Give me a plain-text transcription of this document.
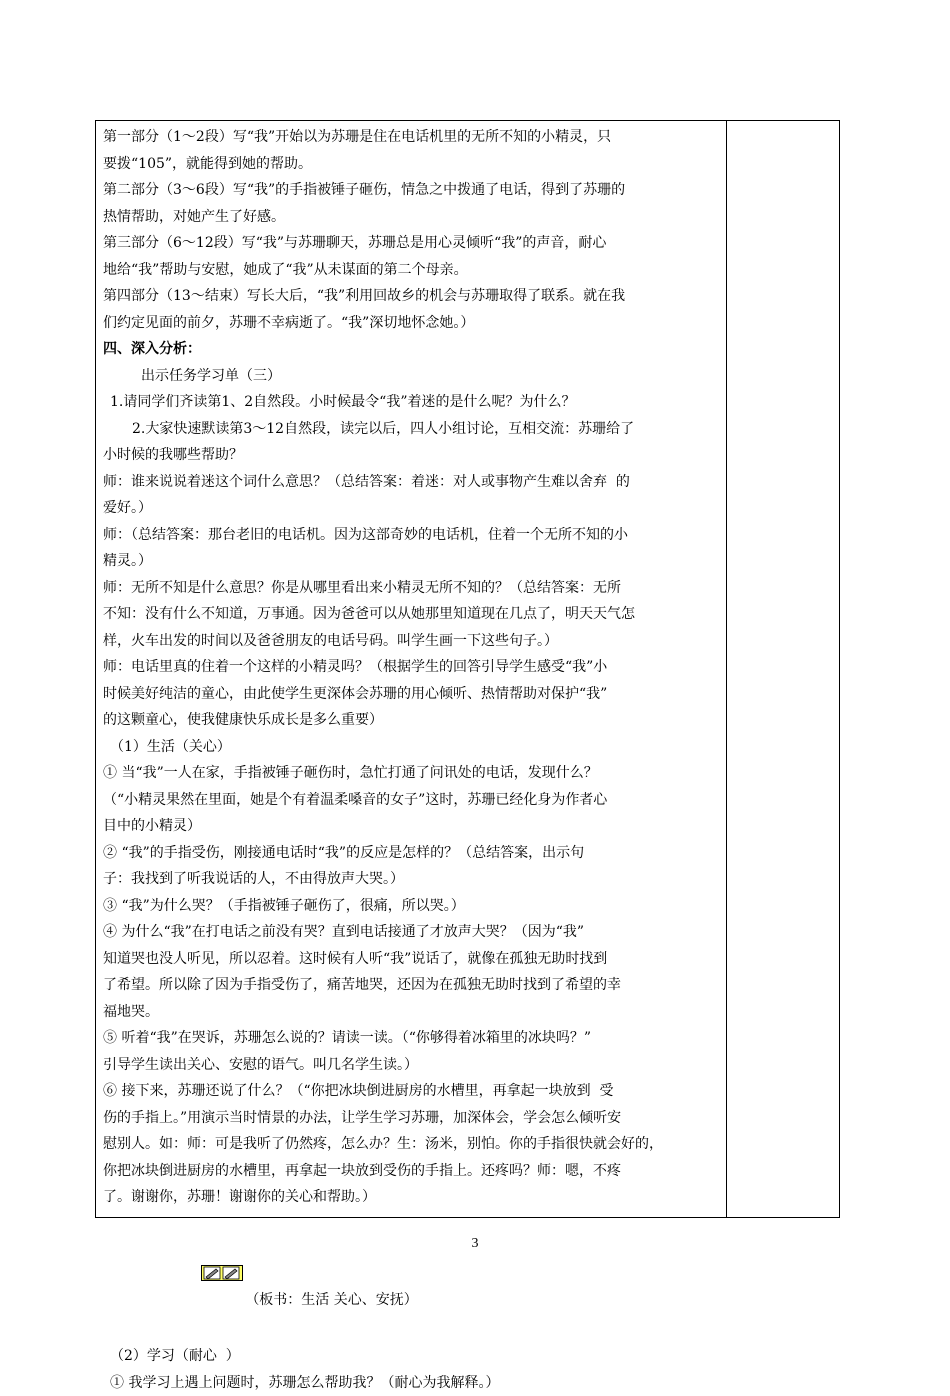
第一部分（1～2段）写“我”开始以为苏珊是住在电话机里的无所不知的小精灵，只

要拨“105”，就能得到她的帮助。

第二部分（3～6段）写“我”的手指被锤子砸伤，情急之中拨通了电话，得到了苏珊的

热情帮助，对她产生了好感。

第三部分（6～12段）写“我”与苏珊聊天，苏珊总是用心灵倾听“我”的声音，耐心

地给“我”帮助与安慰，她成了“我”从未谋面的第二个母亲。

第四部分（13～结束）写长大后，“我”利用回故乡的机会与苏珊取得了联系。就在我

们约定见面的前夕，苏珊不幸病逝了。“我”深切地怀念她。）

四、深入分析：

出示任务学习单（三）

1.请同学们齐读第1、2自然段。小时候最令“我”着迷的是什么呢？为什么？

2.大家快速默读第3～12自然段，读完以后，四人小组讨论，互相交流：苏珊给了

小时候的我哪些帮助？

师：谁来说说着迷这个词什么意思？（总结答案：着迷：对人或事物产生难以舍弃  的

爱好。）

师：（总结答案：那台老旧的电话机。因为这部奇妙的电话机，住着一个无所不知的小

精灵。）

师：无所不知是什么意思？你是从哪里看出来小精灵无所不知的？（总结答案：无所

不知：没有什么不知道，万事通。因为爸爸可以从她那里知道现在几点了，明天天气怎

样，火车出发的时间以及爸爸朋友的电话号码。叫学生画一下这些句子。）

师：电话里真的住着一个这样的小精灵吗？（根据学生的回答引导学生感受“我”小

时候美好纯洁的童心，由此使学生更深体会苏珊的用心倾听、热情帮助对保护“我”

的这颗童心，使我健康快乐成长是多么重要）

（1）生活（关心）

① 当“我”一人在家，手指被锤子砸伤时，急忙打通了问讯处的电话，发现什么？

（“小精灵果然在里面，她是个有着温柔嗓音的女子”这时，苏珊已经化身为作者心

目中的小精灵）

② “我”的手指受伤，刚接通电话时“我”的反应是怎样的？（总结答案，出示句

子：我找到了听我说话的人，不由得放声大哭。）

③ “我”为什么哭？（手指被锤子砸伤了，很痛，所以哭。）

④ 为什么“我”在打电话之前没有哭？直到电话接通了才放声大哭？（因为“我”

知道哭也没人听见，所以忍着。这时候有人听“我”说话了，就像在孤独无助时找到

了希望。所以除了因为手指受伤了，痛苦地哭，还因为在孤独无助时找到了希望的幸

福地哭。

⑤ 听着“我”在哭诉，苏珊怎么说的？请读一读。（“你够得着冰箱里的冰块吗？”

引导学生读出关心、安慰的语气。叫几名学生读。）

⑥ 接下来，苏珊还说了什么？（“你把冰块倒进厨房的水槽里，再拿起一块放到  受

伤的手指上。”用演示当时情景的办法，让学生学习苏珊，加深体会，学会怎么倾听安

慰别人。如：师：可是我听了仍然疼，怎么办？生：汤米，别怕。你的手指很快就会好的，

你把冰块倒进厨房的水槽里，再拿起一块放到受伤的手指上。还疼吗？师：嗯，不疼

了。谢谢你，苏珊！谢谢你的关心和帮助。）

（板书：生活 关心、安抚）

（2）学习（耐心  ）

① 我学习上遇上问题时，苏珊怎么帮助我？（耐心为我解释。）

3
